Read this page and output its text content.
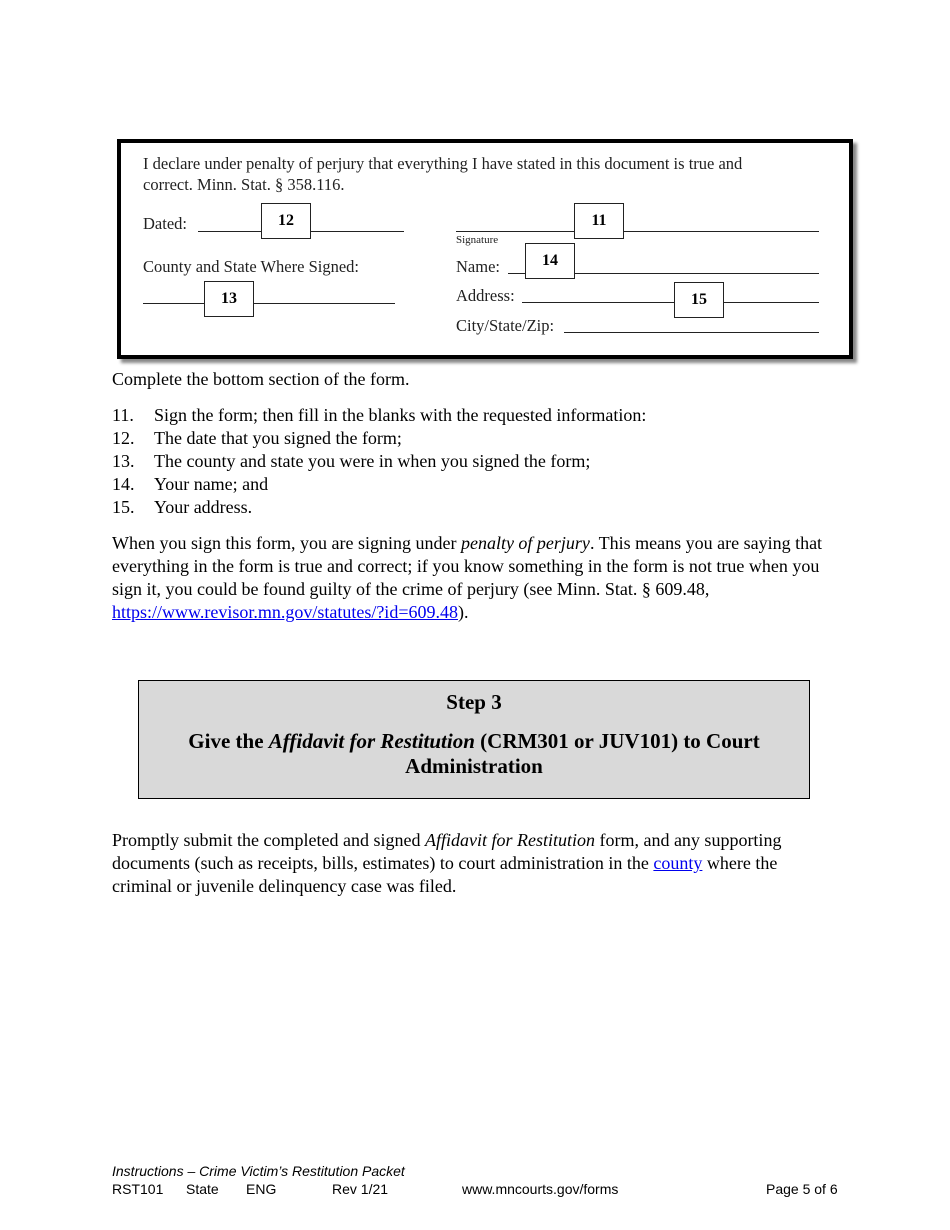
I declare under penalty of perjury that everything I have stated in this document is true and
correct. Minn. Stat. § 358.116.
Dated:	12
County and State Where Signed:
13
Signature
11
Name:	14
Address:	15
City/State/Zip:
Complete the bottom section of the form.
11. Sign the form; then fill in the blanks with the requested information:
12. The date that you signed the form;
13. The county and state you were in when you signed the form;
14. Your name; and
15. Your address.
When you sign this form, you are signing under penalty of perjury. This means you are saying that everything in the form is true and correct; if you know something in the form is not true when you sign it, you could be found guilty of the crime of perjury (see Minn. Stat. § 609.48, https://www.revisor.mn.gov/statutes/?id=609.48).
Step 3
Give the Affidavit for Restitution (CRM301 or JUV101) to Court Administration
Promptly submit the completed and signed Affidavit for Restitution form, and any supporting documents (such as receipts, bills, estimates) to court administration in the county where the criminal or juvenile delinquency case was filed.
Instructions – Crime Victim’s Restitution Packet
RST101 State ENG	Rev 1/21	www.mncourts.gov/forms	Page 5 of 6
